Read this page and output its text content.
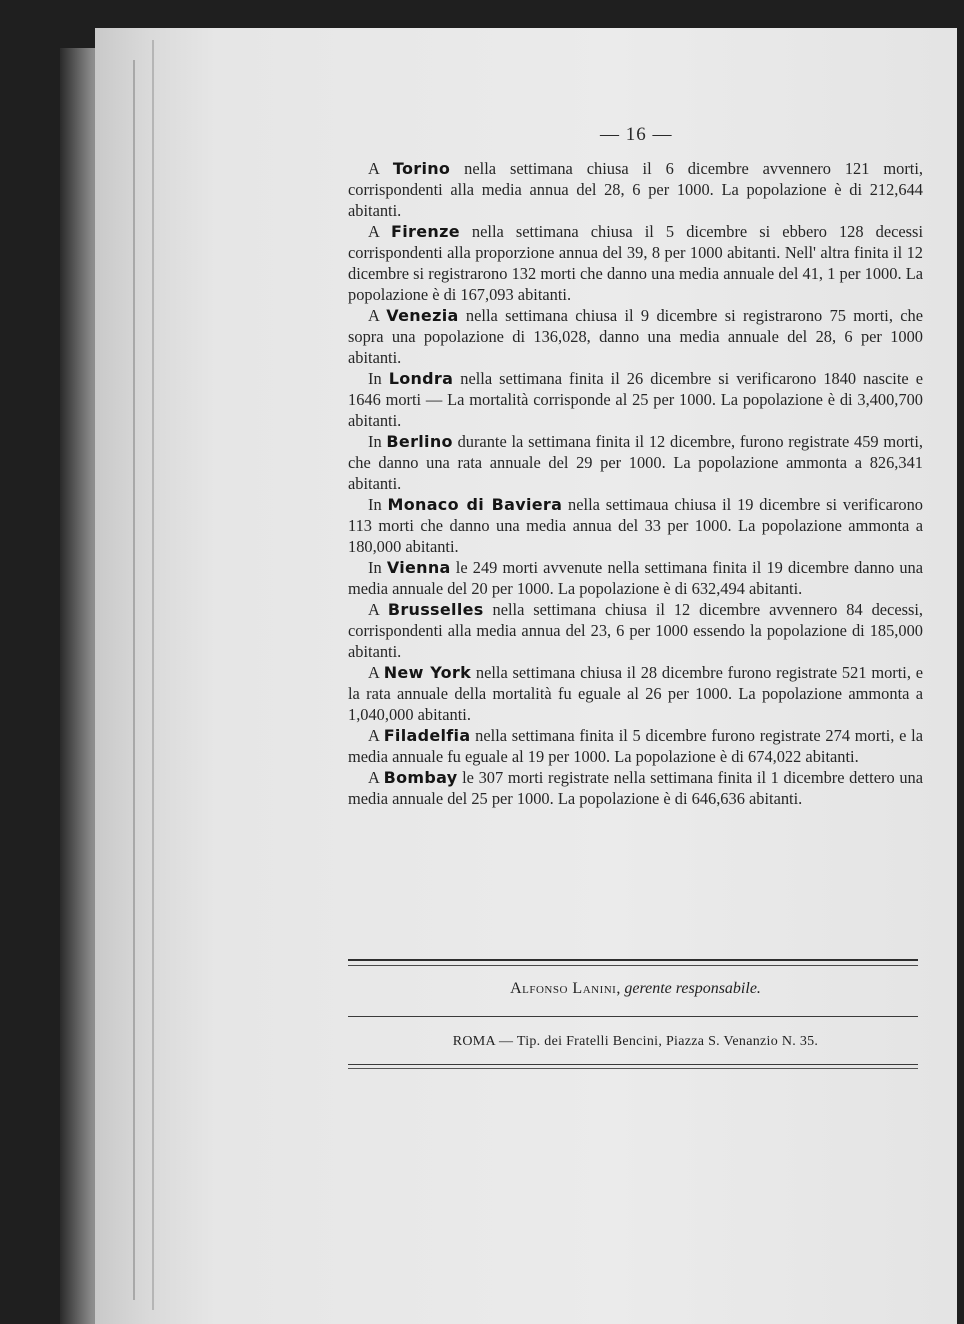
— 16 —

A Torino nella settimana chiusa il 6 dicembre avvennero 121 morti, corrispondenti alla media annua del 28, 6 per 1000. La popolazione è di 212,644 abitanti.

A Firenze nella settimana chiusa il 5 dicembre si ebbero 128 decessi corrispondenti alla proporzione annua del 39, 8 per 1000 abitanti. Nell' altra finita il 12 dicembre si registrarono 132 morti che danno una media annuale del 41, 1 per 1000. La popolazione è di 167,093 abitanti.

A Venezia nella settimana chiusa il 9 dicembre si registrarono 75 morti, che sopra una popolazione di 136,028, danno una media annuale del 28, 6 per 1000 abitanti.

In Londra nella settimana finita il 26 dicembre si verificarono 1840 nascite e 1646 morti — La mortalità corrisponde al 25 per 1000. La popolazione è di 3,400,700 abitanti.

In Berlino durante la settimana finita il 12 dicembre, furono registrate 459 morti, che danno una rata annuale del 29 per 1000. La popolazione ammonta a 826,341 abitanti.

In Monaco di Baviera nella settimaua chiusa il 19 dicembre si verificarono 113 morti che danno una media annua del 33 per 1000. La popolazione ammonta a 180,000 abitanti.

In Vienna le 249 morti avvenute nella settimana finita il 19 dicembre danno una media annuale del 20 per 1000. La popolazione è di 632,494 abitanti.

A Brusselles nella settimana chiusa il 12 dicembre avvennero 84 decessi, corrispondenti alla media annua del 23, 6 per 1000 essendo la popolazione di 185,000 abitanti.

A New York nella settimana chiusa il 28 dicembre furono registrate 521 morti, e la rata annuale della mortalità fu eguale al 26 per 1000. La popolazione ammonta a 1,040,000 abitanti.

A Filadelfia nella settimana finita il 5 dicembre furono registrate 274 morti, e la media annuale fu eguale al 19 per 1000. La popolazione è di 674,022 abitanti.

A Bombay le 307 morti registrate nella settimana finita il 1 dicembre dettero una media annuale del 25 per 1000. La popolazione è di 646,636 abitanti.

Alfonso Lanini, gerente responsabile.
ROMA — Tip. dei Fratelli Bencini, Piazza S. Venanzio N. 35.
